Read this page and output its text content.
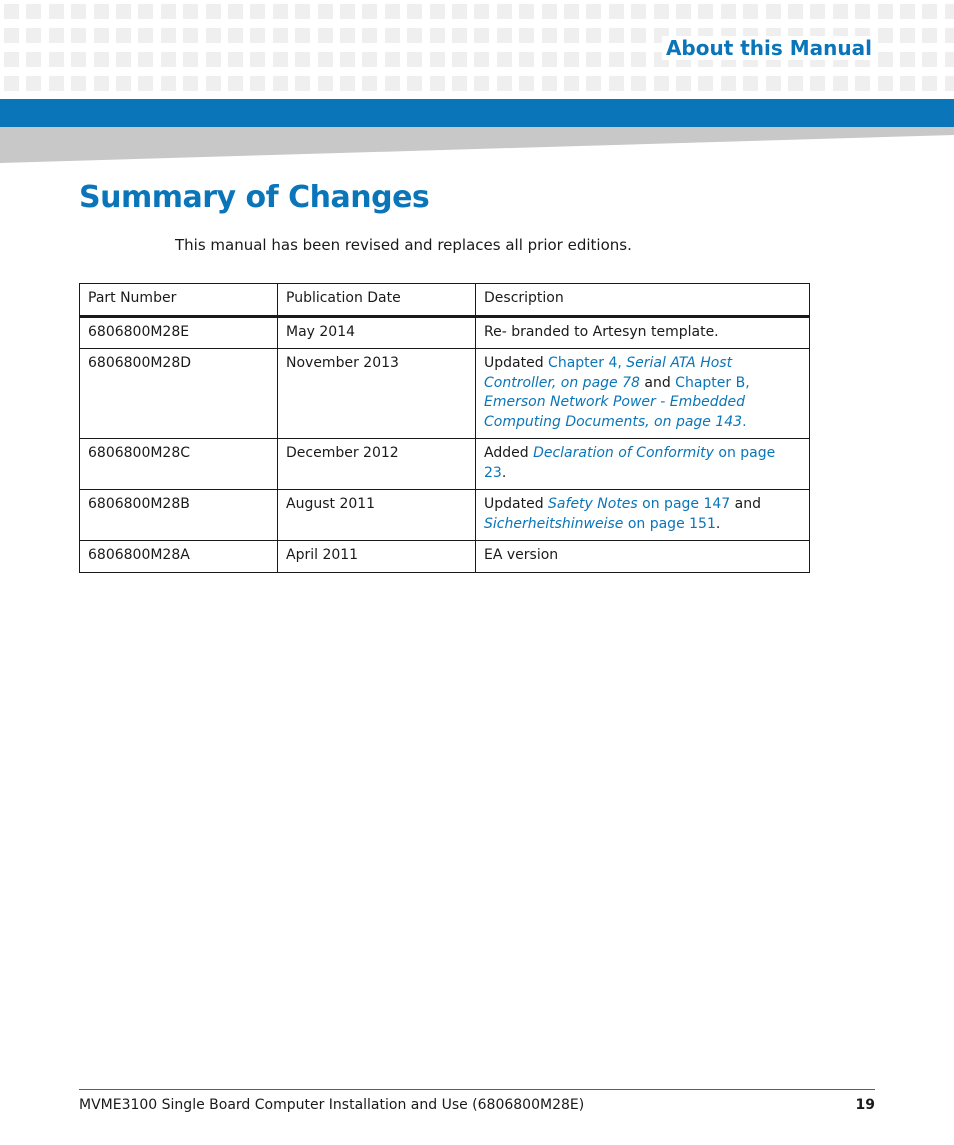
About this Manual
Summary of Changes
This manual has been revised and replaces all prior editions.
Part Number	Publication Date	Description
6806800M28E	May 2014	Re- branded to Artesyn template.
6806800M28D	November 2013	Updated Chapter 4, Serial ATA Host Controller, on page 78 and Chapter B, Emerson Network Power - Embedded Computing Documents, on page 143.
6806800M28C	December 2012	Added Declaration of Conformity on page 23.
6806800M28B	August 2011	Updated Safety Notes on page 147 and Sicherheitshinweise on page 151.
6806800M28A	April 2011	EA version
MVME3100 Single Board Computer Installation and Use (6806800M28E)	19
